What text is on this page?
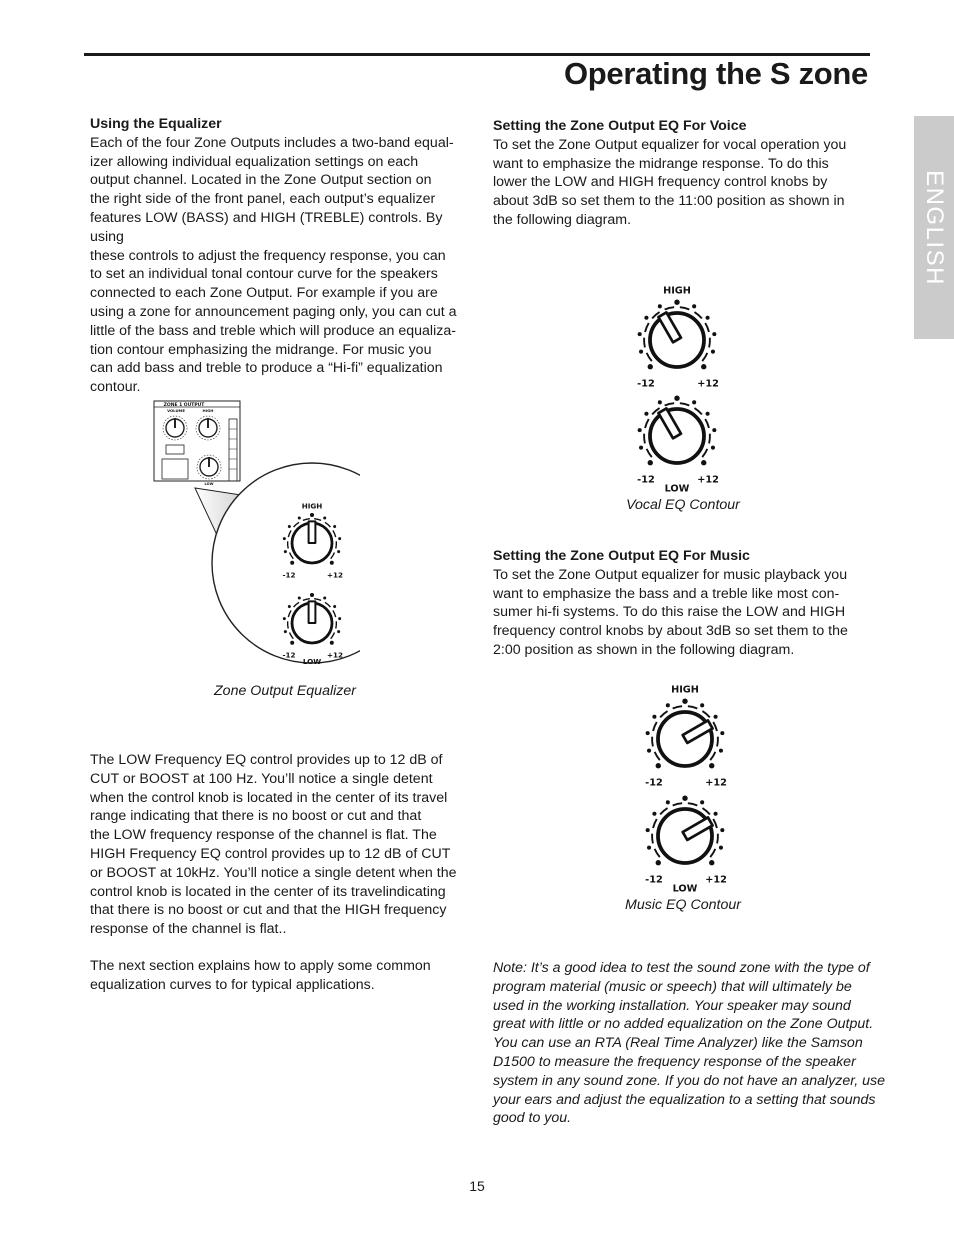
Operating the S zone
ENGLISH

Using the Equalizer

Each of the four Zone Outputs includes a two-band equal-
izer allowing individual equalization settings on each
output channel. Located in the Zone Output section on
the right side of the front panel, each output’s equalizer
features LOW (BASS) and HIGH (TREBLE) controls. By using
these controls to adjust the frequency response, you can
to set an individual tonal contour curve for the speakers
connected to each Zone Output. For example if you are
using a zone for announcement paging only, you can cut a
little of the bass and treble which will produce an equaliza-
tion contour emphasizing the midrange. For music you
can add bass and treble to produce a “Hi-fi” equalization
contour.
ZONE 1 OUTPUT
VOLUME	HIGH
LOW
-12	+12
HIGH
-12	+12
LOW
Zone Output Equalizer
The LOW Frequency EQ control provides up to 12 dB of
CUT or BOOST at 100 Hz. You’ll notice a single detent
when the control knob is located in the center of its travel
range indicating that there is no boost or cut and that
the LOW frequency response of the channel is flat. The
HIGH Frequency EQ control provides up to 12 dB of CUT
or BOOST at 10kHz. You’ll notice a single detent when the
control knob is located in the center of its travelindicating
that there is no boost or cut and that the HIGH frequency
response of the channel is flat..
The next section explains how to apply some common
equalization curves to for typical applications.

Setting the Zone Output EQ For Voice

To set the Zone Output equalizer for vocal operation you
want to emphasize the midrange response. To do this
lower the LOW and HIGH frequency control knobs by
about 3dB so set them to the 11:00 position as shown in
the following diagram.
-12	+12
HIGH
-12	+12
LOW
Vocal EQ Contour

Setting the Zone Output EQ For Music

To set the Zone Output equalizer for music playback you
want to emphasize the bass and a treble like most con-
sumer hi-fi systems. To do this raise the LOW and HIGH
frequency control knobs by about 3dB so set them to the
2:00 position as shown in the following diagram.
-12	+12
HIGH
-12	+12
LOW
Music EQ Contour
Note: It’s a good idea to test the sound zone with the type of
program material (music or speech) that will ultimately be
used in the working installation. Your speaker may sound
great with little or no added equalization on the Zone Output.
You can use an RTA (Real Time Analyzer) like the Samson
D1500 to measure the frequency response of the speaker
system in any sound zone. If you do not have an analyzer, use
your ears and adjust the equalization to a setting that sounds
good to you.
15
